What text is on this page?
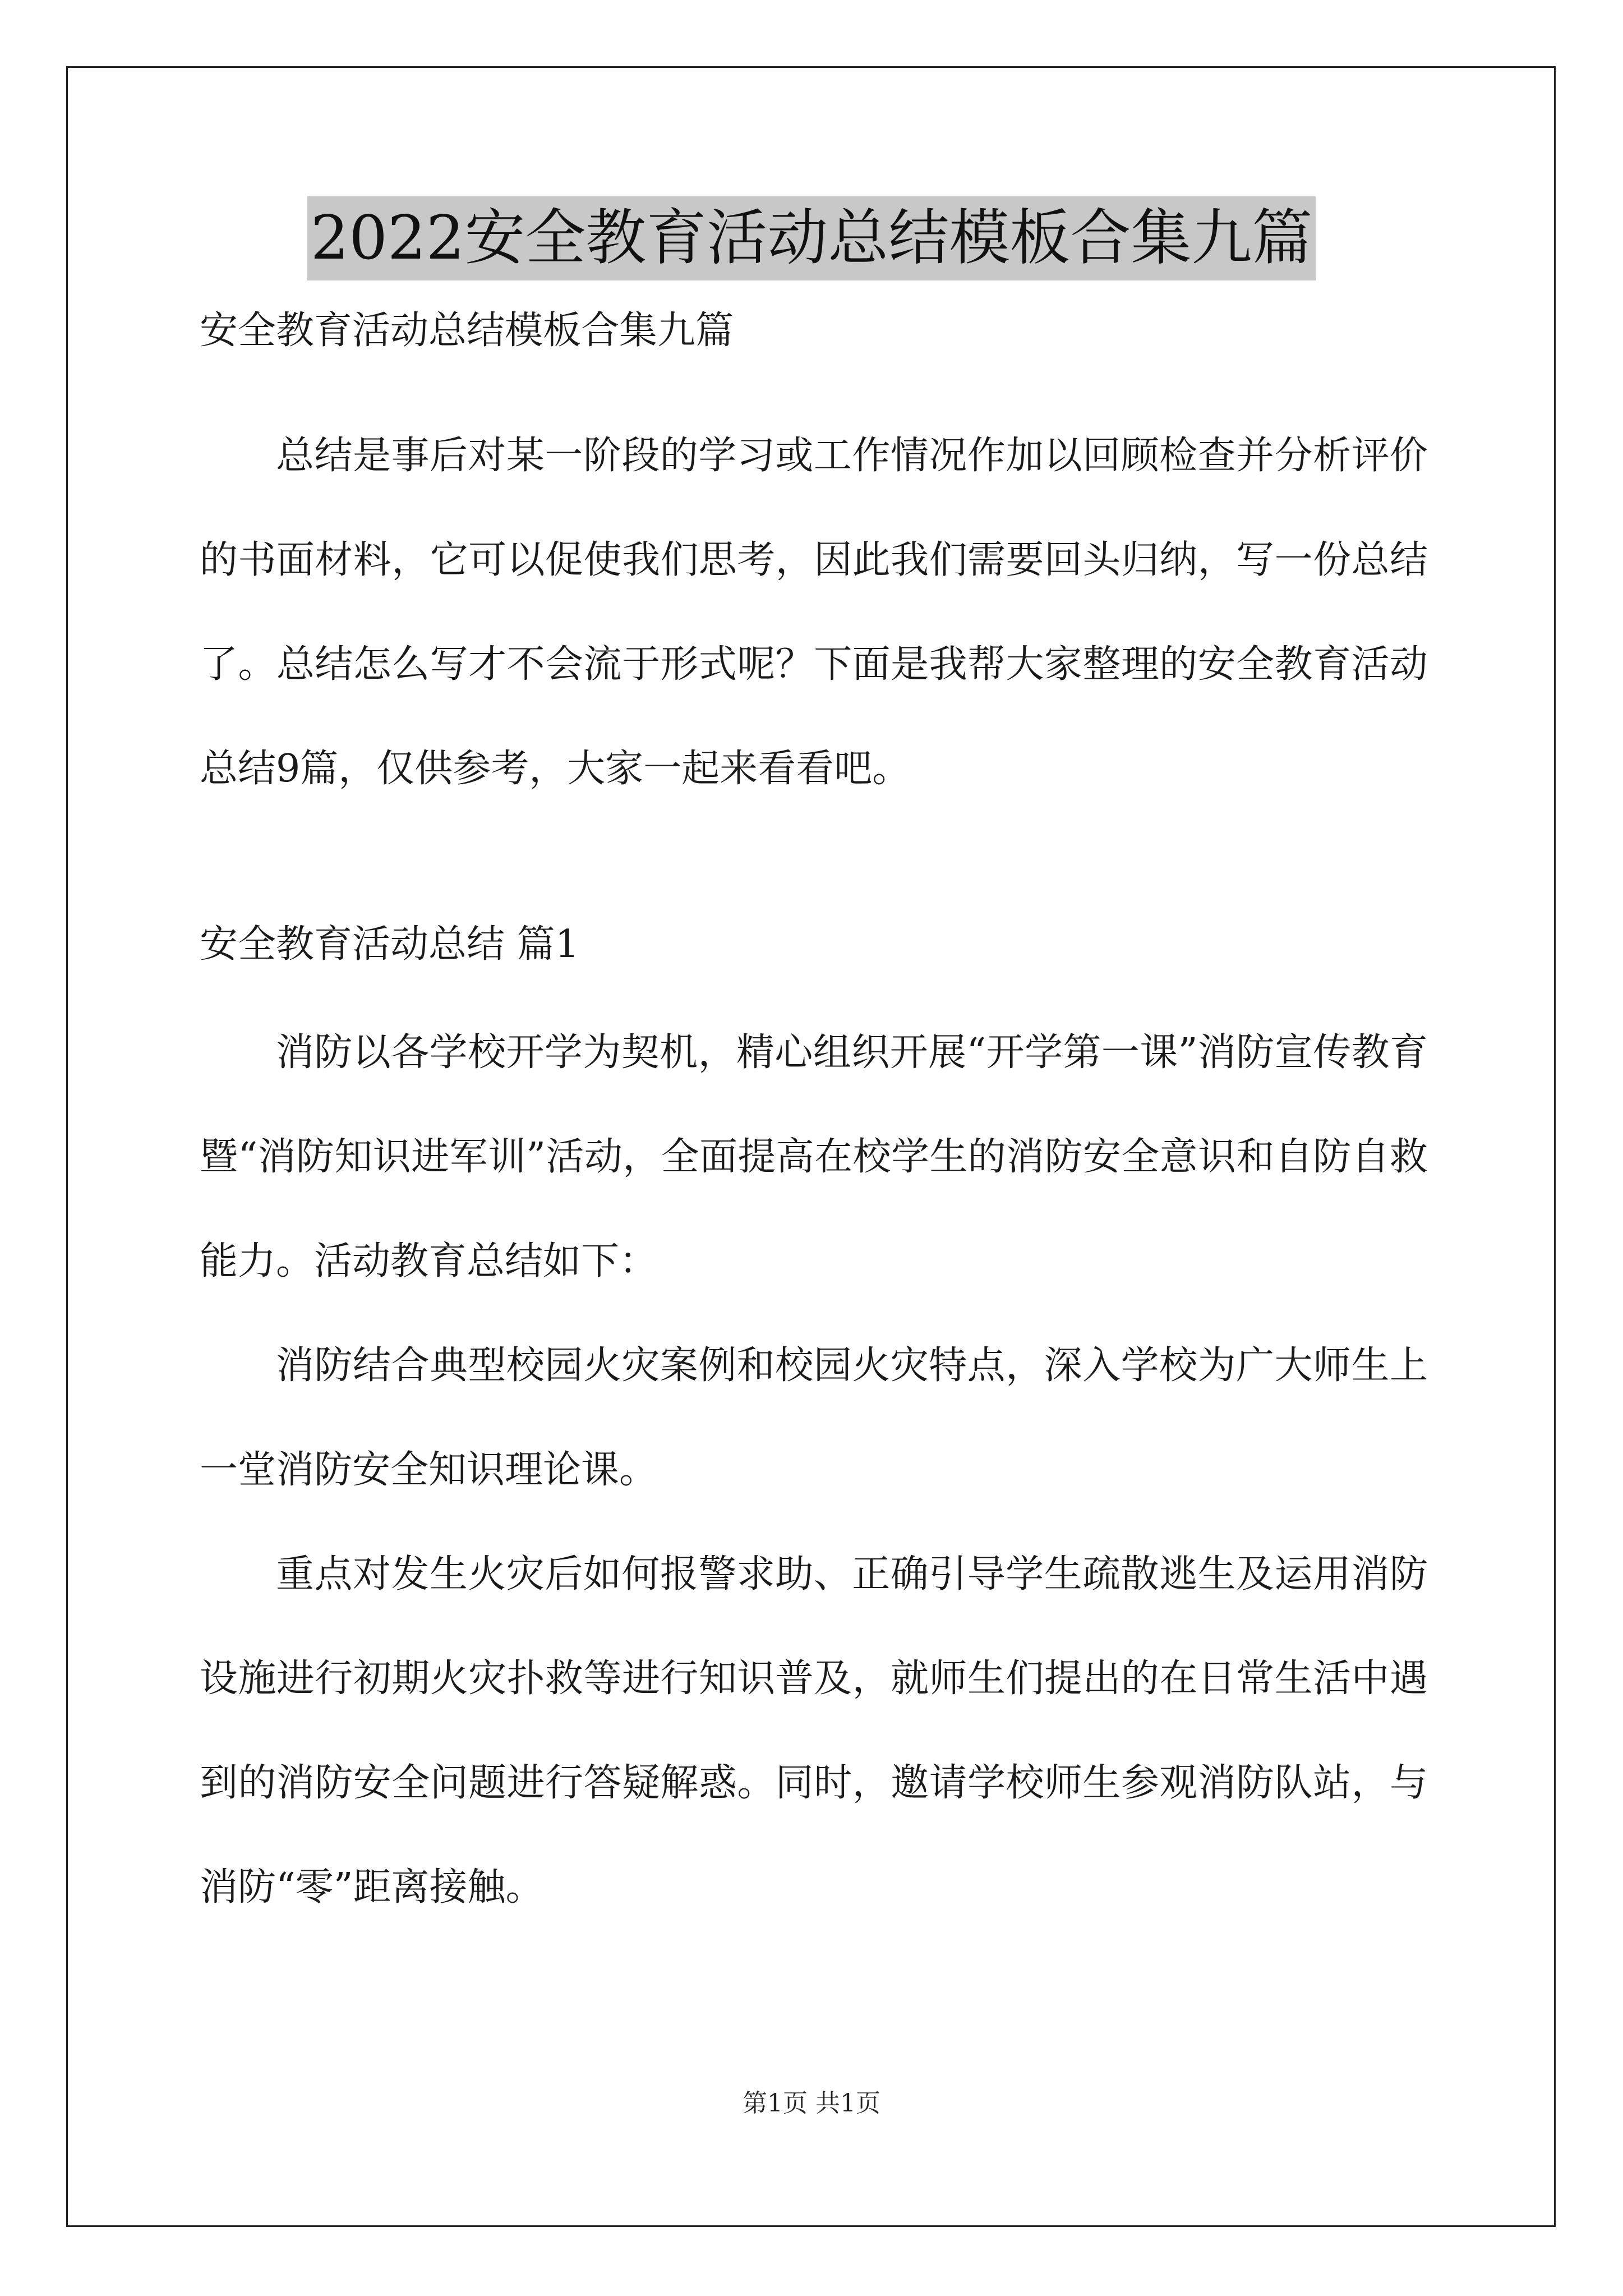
2022安全教育活动总结模板合集九篇

安全教育活动总结模板合集九篇

总结是事后对某一阶段的学习或工作情况作加以回顾检查并分析评价的书面材料，它可以促使我们思考，因此我们需要回头归纳，写一份总结了。总结怎么写才不会流于形式呢？下面是我帮大家整理的安全教育活动总结9篇，仅供参考，大家一起来看看吧。

安全教育活动总结 篇1

消防以各学校开学为契机，精心组织开展“开学第一课”消防宣传教育暨“消防知识进军训”活动，全面提高在校学生的消防安全意识和自防自救能力。活动教育总结如下：

消防结合典型校园火灾案例和校园火灾特点，深入学校为广大师生上一堂消防安全知识理论课。

重点对发生火灾后如何报警求助、正确引导学生疏散逃生及运用消防设施进行初期火灾扑救等进行知识普及，就师生们提出的在日常生活中遇到的消防安全问题进行答疑解惑。同时，邀请学校师生参观消防队站，与消防“零”距离接触。

第1页 共1页
